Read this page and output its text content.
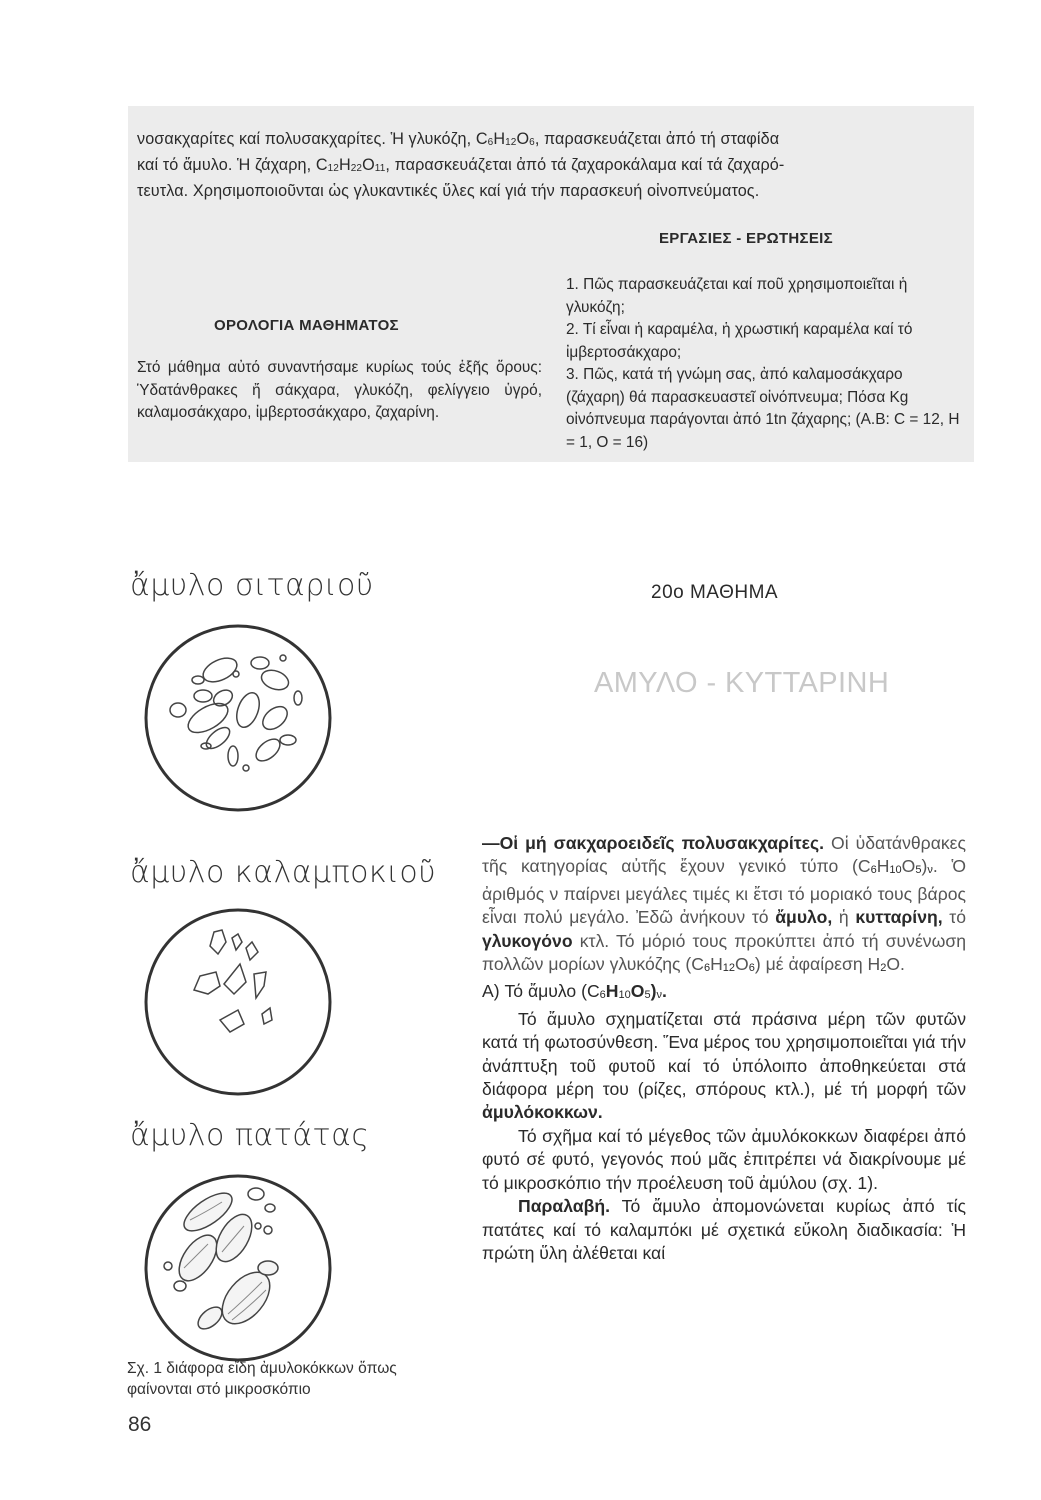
νοσακχαρίτες καί πολυσακχαρίτες. Ἡ γλυκόζη, $C_6H_{12}O_6$, παρασκευάζεται ἀπό τή σταφίδα

καί τό ἄμυλο. Ἡ ζάχαρη, $C_{12}H_{22}O_{11}$, παρασκευάζεται ἀπό τά ζαχαροκάλαμα καί τά ζαχαρό-

τευτλα. Χρησιμοποιοῦνται ὡς γλυκαντικές ὕλες καί γιά τήν παρασκευή οἰνοπνεύματος.

ΕΡΓΑΣΙΕΣ - ΕΡΩΤΗΣΕΙΣ
1. Πῶς παρασκευάζεται καί ποῦ χρησιμοποιεῖται ἡ γλυκόζη;
2. Τί εἶναι ἡ καραμέλα, ἡ χρωστική καραμέλα καί τό ἰμβερτοσάκχαρο;
3. Πῶς, κατά τή γνώμη σας, ἀπό καλαμοσάκχαρο (ζάχαρη) θά παρασκευαστεῖ οἰνόπνευμα; Πόσα Kg οἰνόπνευμα παράγονται ἀπό 1tn ζάχαρης; (A.B: C = 12, H = 1, O = 16)
ΟΡΟΛΟΓΙΑ ΜΑΘΗΜΑΤΟΣ
Στό μάθημα αὐτό συναντήσαμε κυρίως τούς ἑξῆς ὅρους: Ὑδατάνθρακες ἤ σάκχαρα, γλυκόζη, φελίγγειο ὑγρό, καλαμοσάκχαρο, ἰμβερτοσάκχαρο, ζαχαρίνη.
ἄμυλο σιταριοῦ
ἄμυλο καλαμποκιοῦ
ἄμυλο πατάτας
Σχ. 1 διάφορα εἴδη ἀμυλοκόκκων ὅπως φαίνονται στό μικροσκόπιο
86
20ο ΜΑΘΗΜΑ
ΑΜΥΛΟ - ΚΥΤΤΑΡΙΝΗ

—Οἱ μή σακχαροειδεῖς πολυσακχαρίτες. Οἱ ὑδατάνθρακες τῆς κατηγορίας αὐτῆς ἔχουν γενικό τύπο $(C_6H_{10}O_5)_\nu$. Ὁ ἀριθμός ν παίρνει μεγάλες τιμές κι ἔτσι τό μοριακό τους βάρος εἶναι πολύ μεγάλο. Ἐδῶ ἀνήκουν τό ἄμυλο, ἡ κυτταρίνη, τό γλυκογόνο κτλ. Τό μόριό τους προκύπτει ἀπό τή συνένωση πολλῶν μορίων γλυκόζης $(C_6H_{12}O_6)$ μέ ἀφαίρεση $H_2O$.

A) Τό ἄμυλο $(C_6H_{10}O_5)_\nu$.

Τό ἄμυλο σχηματίζεται στά πράσινα μέρη τῶν φυτῶν κατά τή φωτοσύνθεση. Ἕνα μέρος του χρησιμοποιεῖται γιά τήν ἀνάπτυξη τοῦ φυτοῦ καί τό ὑπόλοιπο ἀποθηκεύεται στά διάφορα μέρη του (ρίζες, σπόρους κτλ.), μέ τή μορφή τῶν ἀμυλόκοκκων.

Τό σχῆμα καί τό μέγεθος τῶν ἀμυλόκοκκων διαφέρει ἀπό φυτό σέ φυτό, γεγονός πού μᾶς ἐπιτρέπει νά διακρίνουμε μέ τό μικροσκόπιο τήν προέλευση τοῦ ἀμύλου (σχ. 1).

Παραλαβή. Τό ἄμυλο ἀπομονώνεται κυρίως ἀπό τίς πατάτες καί τό καλαμπόκι μέ σχετικά εὔκολη διαδικασία: Ἡ πρώτη ὕλη ἀλέθεται καί
